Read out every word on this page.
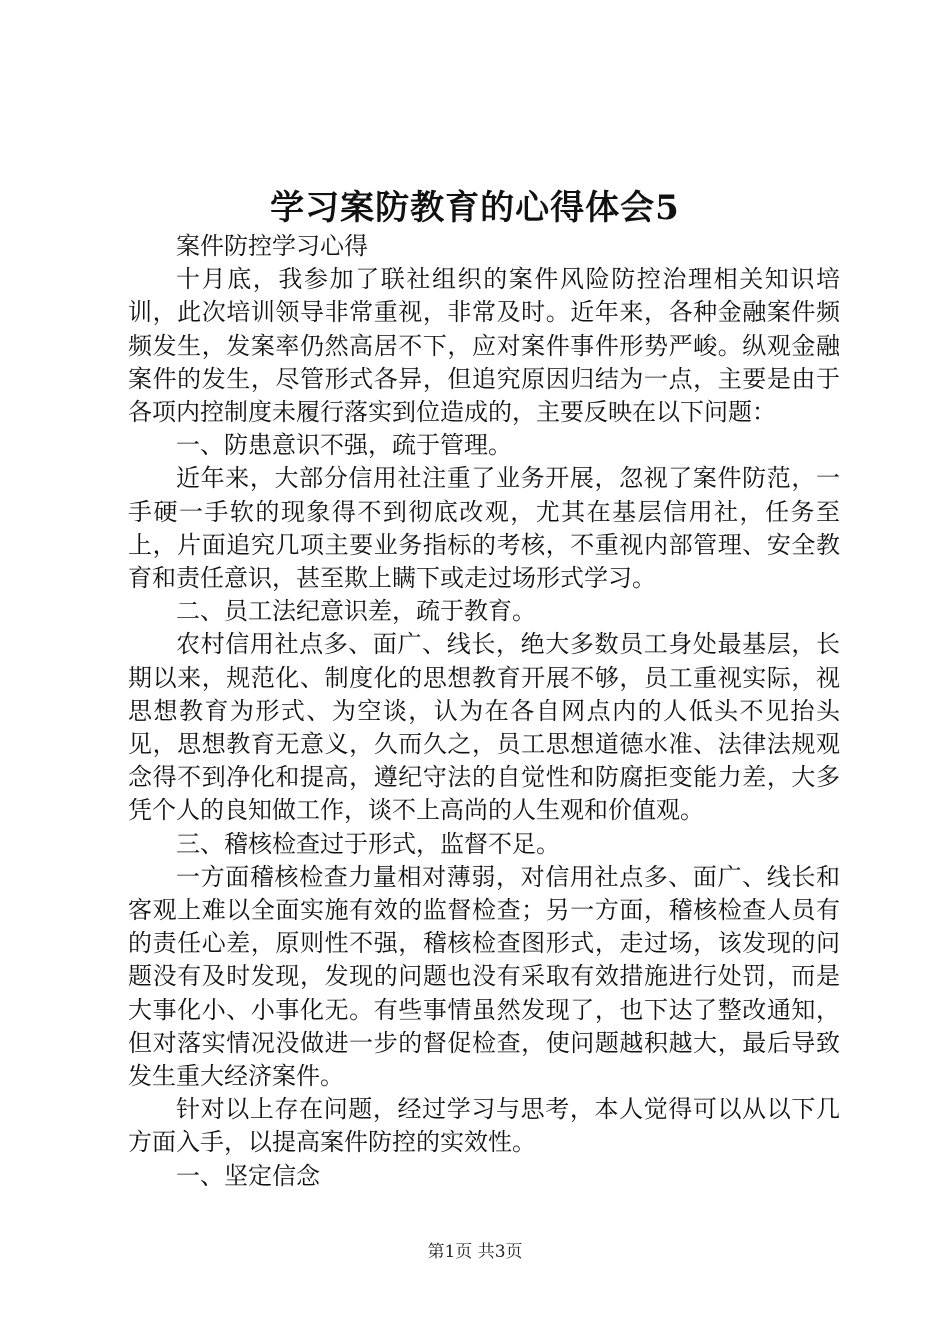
学习案防教育的心得体会5

案件防控学习心得

十月底，我参加了联社组织的案件风险防控治理相关知识培训，此次培训领导非常重视，非常及时。近年来，各种金融案件频频发生，发案率仍然高居不下，应对案件事件形势严峻。纵观金融案件的发生，尽管形式各异，但追究原因归结为一点，主要是由于各项内控制度未履行落实到位造成的，主要反映在以下问题：

一、防患意识不强，疏于管理。

近年来，大部分信用社注重了业务开展，忽视了案件防范，一手硬一手软的现象得不到彻底改观，尤其在基层信用社，任务至上，片面追究几项主要业务指标的考核，不重视内部管理、安全教育和责任意识，甚至欺上瞒下或走过场形式学习。

二、员工法纪意识差，疏于教育。

农村信用社点多、面广、线长，绝大多数员工身处最基层，长期以来，规范化、制度化的思想教育开展不够，员工重视实际，视思想教育为形式、为空谈，认为在各自网点内的人低头不见抬头见，思想教育无意义，久而久之，员工思想道德水准、法律法规观念得不到净化和提高，遵纪守法的自觉性和防腐拒变能力差，大多凭个人的良知做工作，谈不上高尚的人生观和价值观。

三、稽核检查过于形式，监督不足。

一方面稽核检查力量相对薄弱，对信用社点多、面广、线长和客观上难以全面实施有效的监督检查；另一方面，稽核检查人员有的责任心差，原则性不强，稽核检查图形式，走过场，该发现的问题没有及时发现，发现的问题也没有采取有效措施进行处罚，而是大事化小、小事化无。有些事情虽然发现了，也下达了整改通知，但对落实情况没做进一步的督促检查，使问题越积越大，最后导致发生重大经济案件。

针对以上存在问题，经过学习与思考，本人觉得可以从以下几方面入手，以提高案件防控的实效性。

一、坚定信念

第1页 共3页
